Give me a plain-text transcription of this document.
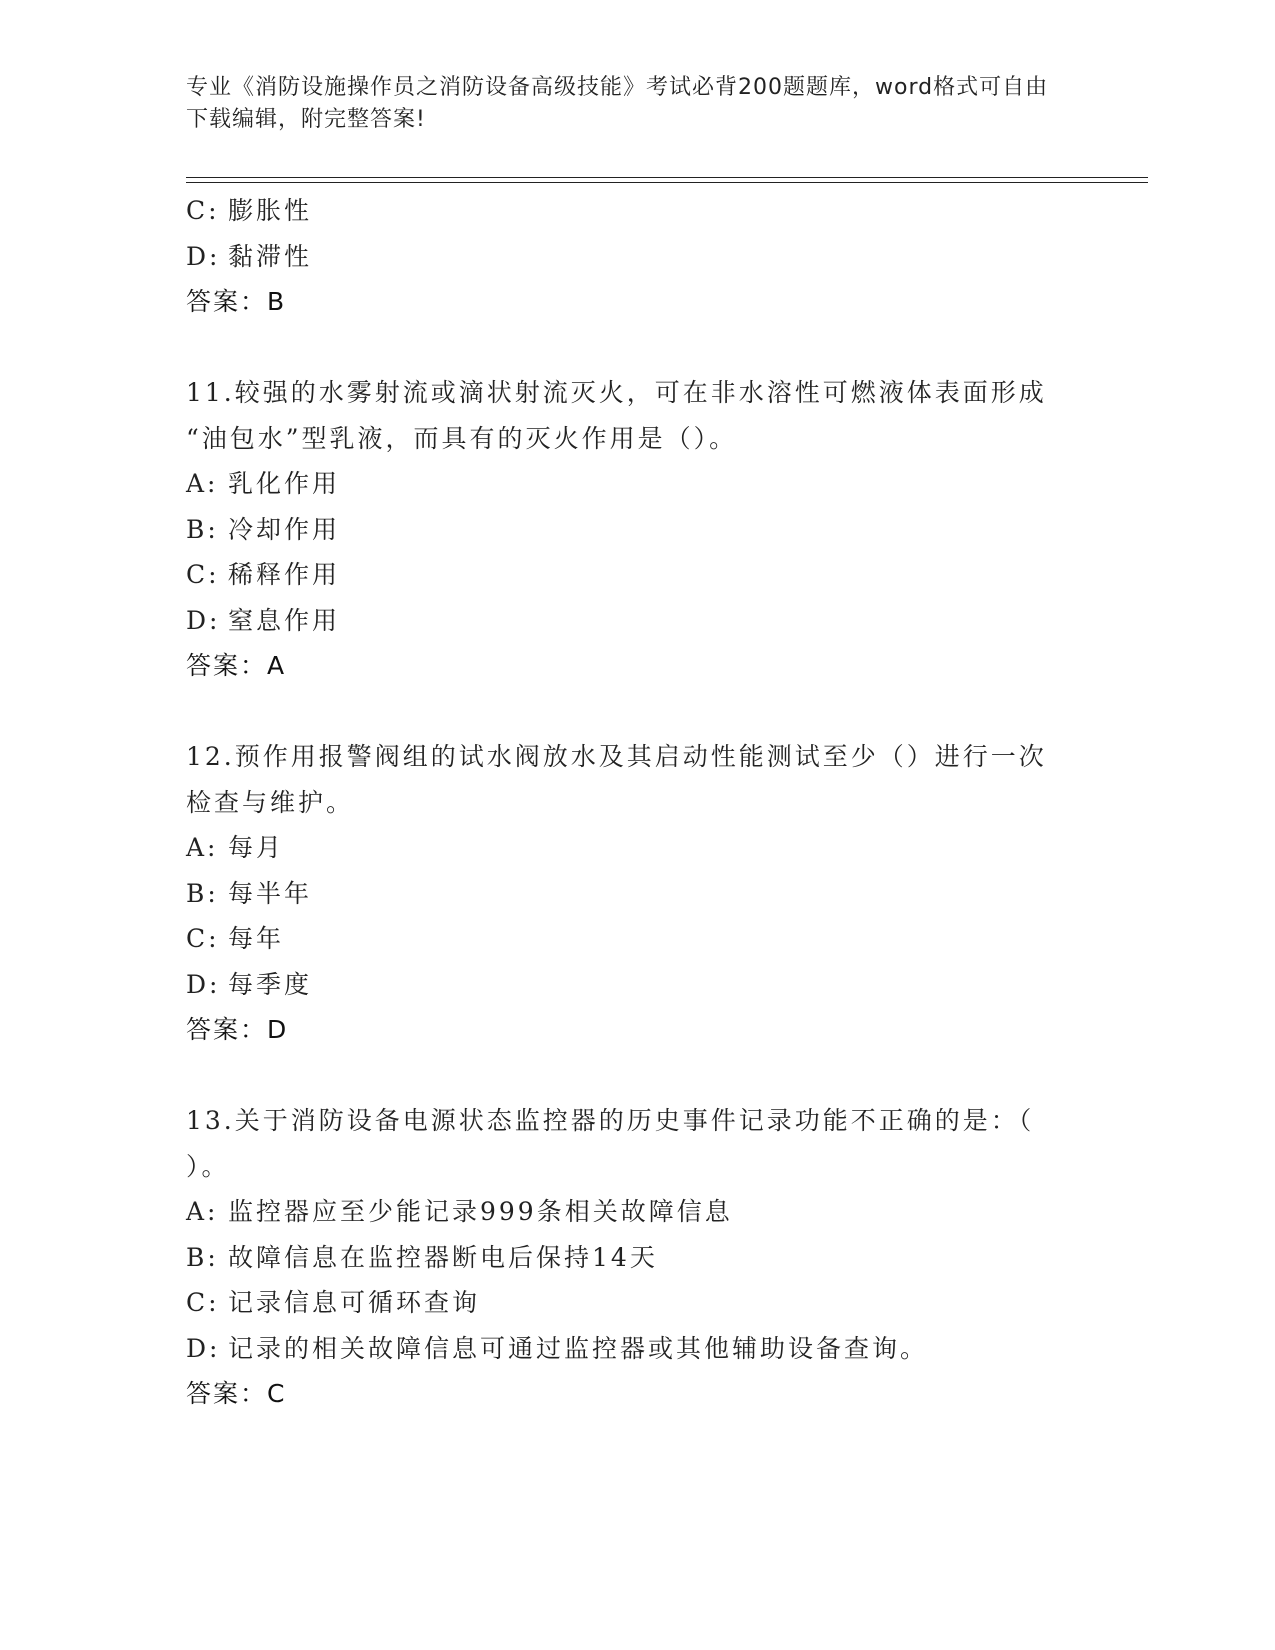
专业《消防设施操作员之消防设备高级技能》考试必背200题题库，word格式可自由下载编辑，附完整答案!
C: 膨胀性
D: 黏滞性
答案：B
11.较强的水雾射流或滴状射流灭火，可在非水溶性可燃液体表面形成
“油包水”型乳液，而具有的灭火作用是（）。
A: 乳化作用
B: 冷却作用
C: 稀释作用
D: 窒息作用
答案：A
12.预作用报警阀组的试水阀放水及其启动性能测试至少（）进行一次
检查与维护。
A: 每月
B: 每半年
C: 每年
D: 每季度
答案：D
13.关于消防设备电源状态监控器的历史事件记录功能不正确的是：（
）。
A: 监控器应至少能记录999条相关故障信息
B: 故障信息在监控器断电后保持14天
C: 记录信息可循环查询
D: 记录的相关故障信息可通过监控器或其他辅助设备查询。
答案：C
